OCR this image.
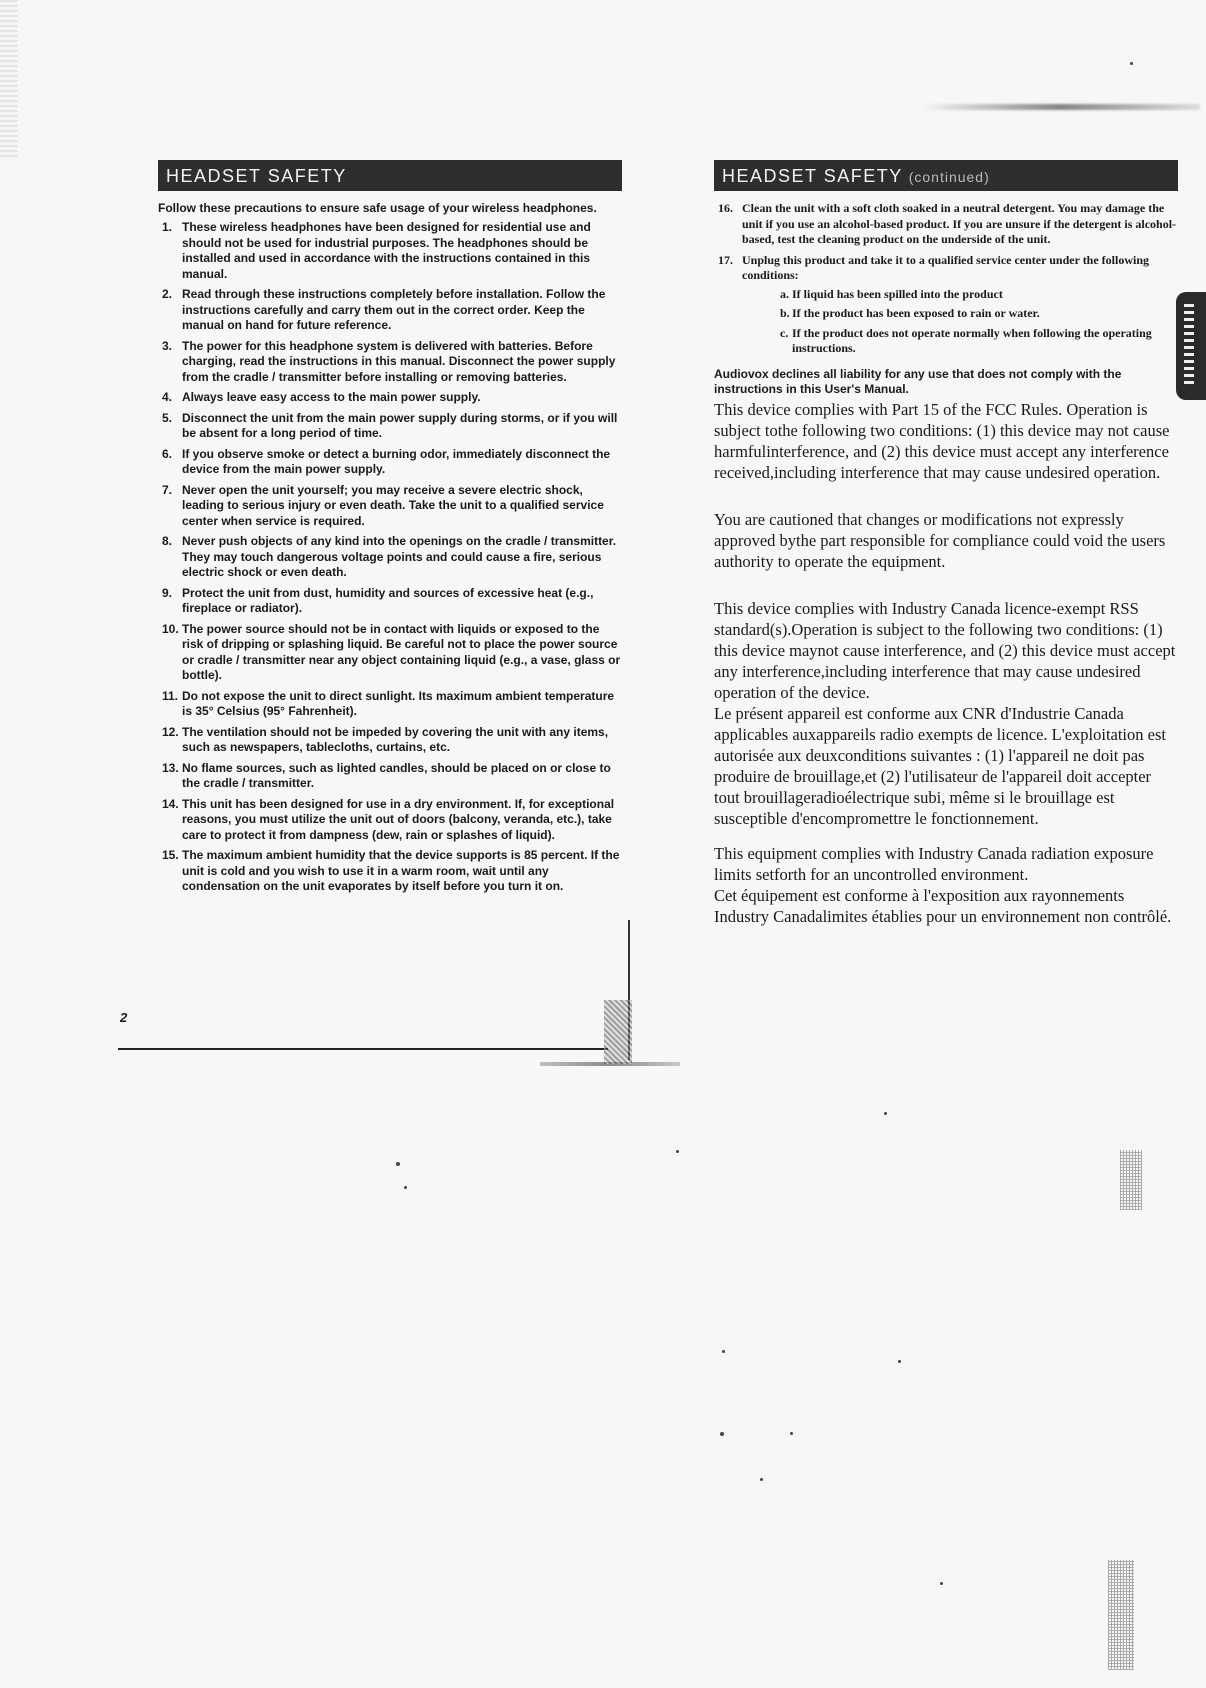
HEADSET SAFETY
Follow these precautions to ensure safe usage of your wireless headphones.
1. These wireless headphones have been designed for residential use and should not be used for industrial purposes. The headphones should be installed and used in accordance with the instructions contained in this manual.
2. Read through these instructions completely before installation. Follow the instructions carefully and carry them out in the correct order. Keep the manual on hand for future reference.
3. The power for this headphone system is delivered with batteries. Before charging, read the instructions in this manual. Disconnect the power supply from the cradle / transmitter before installing or removing batteries.
4. Always leave easy access to the main power supply.
5. Disconnect the unit from the main power supply during storms, or if you will be absent for a long period of time.
6. If you observe smoke or detect a burning odor, immediately disconnect the device from the main power supply.
7. Never open the unit yourself; you may receive a severe electric shock, leading to serious injury or even death. Take the unit to a qualified service center when service is required.
8. Never push objects of any kind into the openings on the cradle / transmitter. They may touch dangerous voltage points and could cause a fire, serious electric shock or even death.
9. Protect the unit from dust, humidity and sources of excessive heat (e.g., fireplace or radiator).
10. The power source should not be in contact with liquids or exposed to the risk of dripping or splashing liquid. Be careful not to place the power source or cradle / transmitter near any object containing liquid (e.g., a vase, glass or bottle).
11. Do not expose the unit to direct sunlight. Its maximum ambient temperature is 35° Celsius (95° Fahrenheit).
12. The ventilation should not be impeded by covering the unit with any items, such as newspapers, tablecloths, curtains, etc.
13. No flame sources, such as lighted candles, should be placed on or close to the cradle / transmitter.
14. This unit has been designed for use in a dry environment. If, for exceptional reasons, you must utilize the unit out of doors (balcony, veranda, etc.), take care to protect it from dampness (dew, rain or splashes of liquid).
15. The maximum ambient humidity that the device supports is 85 percent. If the unit is cold and you wish to use it in a warm room, wait until any condensation on the unit evaporates by itself before you turn it on.
2
HEADSET SAFETY (continued)
16. Clean the unit with a soft cloth soaked in a neutral detergent. You may damage the unit if you use an alcohol-based product. If you are unsure if the detergent is alcohol-based, test the cleaning product on the underside of the unit.
17. Unplug this product and take it to a qualified service center under the following conditions:
a. If liquid has been spilled into the product
b. If the product has been exposed to rain or water.
c. If the product does not operate normally when following the operating instructions.
Audiovox declines all liability for any use that does not comply with the instructions in this User's Manual.

This device complies with Part 15 of the FCC Rules. Operation is subject tothe following two conditions: (1) this device may not cause harmfulinterference, and (2) this device must accept any interference received,including interference that may cause undesired operation.

You are cautioned that changes or modifications not expressly approved bythe part responsible for compliance could void the users authority to operate the equipment.

This device complies with Industry Canada licence-exempt RSS standard(s).Operation is subject to the following two conditions: (1) this device maynot cause interference, and (2) this device must accept any interference,including interference that may cause undesired operation of the device.

Le présent appareil est conforme aux CNR d'Industrie Canada applicables auxappareils radio exempts de licence. L'exploitation est autorisée aux deuxconditions suivantes : (1) l'appareil ne doit pas produire de brouillage,et (2) l'utilisateur de l'appareil doit accepter tout brouillageradioélectrique subi, même si le brouillage est susceptible d'encompromettre le fonctionnement.

This equipment complies with Industry Canada radiation exposure limits setforth for an uncontrolled environment.

Cet équipement est conforme à l'exposition aux rayonnements Industry Canadalimites établies pour un environnement non contrôlé.
